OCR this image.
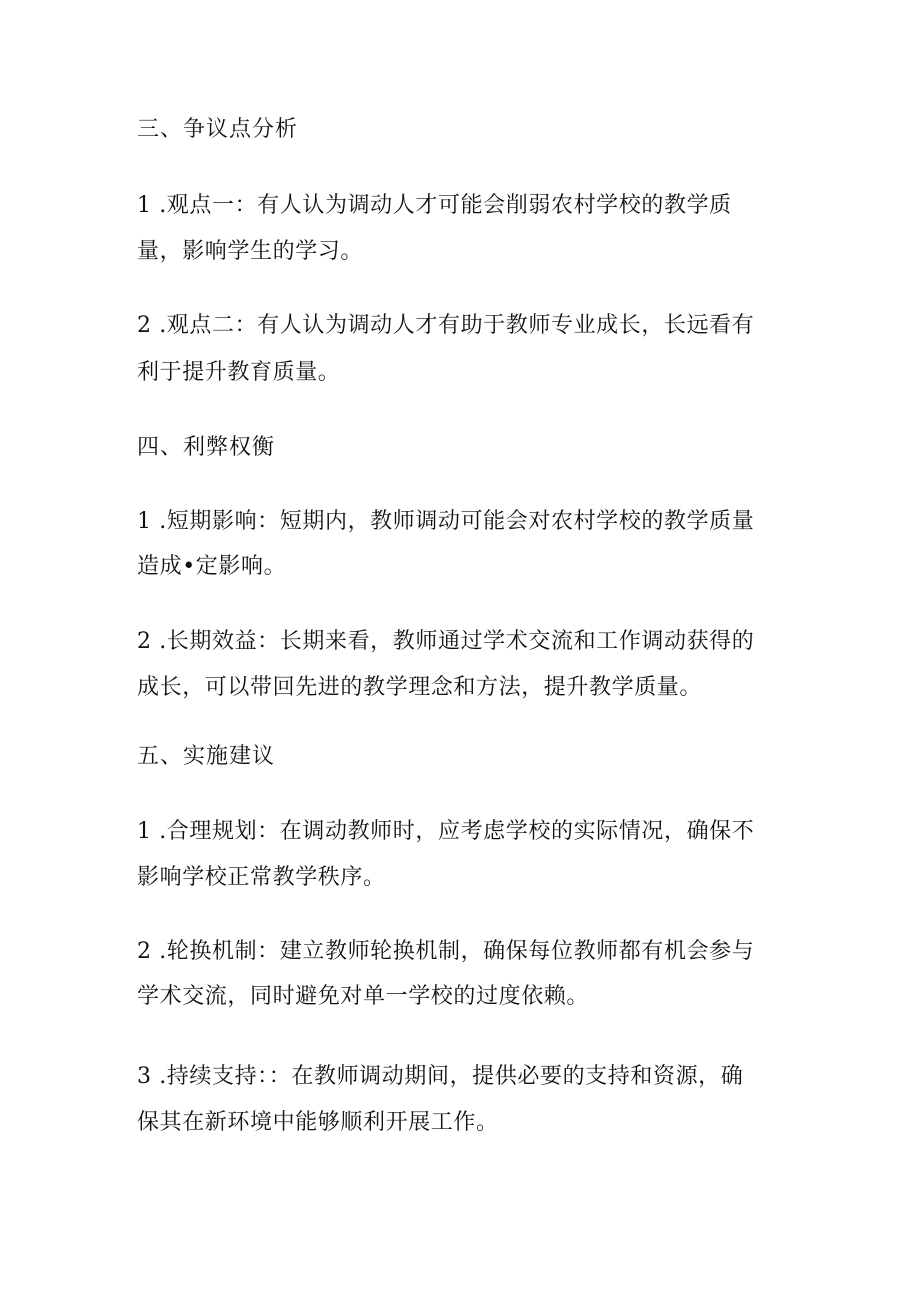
三、争议点分析
1 .观点一：有人认为调动人才可能会削弱农村学校的教学质
量，影响学生的学习。
2 .观点二：有人认为调动人才有助于教师专业成长，长远看有
利于提升教育质量。
四、利弊权衡
1 .短期影响：短期内，教师调动可能会对农村学校的教学质量
造成•定影响。
2 .长期效益：长期来看，教师通过学术交流和工作调动获得的
成长，可以带回先进的教学理念和方法，提升教学质量。
五、实施建议
1 .合理规划：在调动教师时，应考虑学校的实际情况，确保不
影响学校正常教学秩序。
2 .轮换机制：建立教师轮换机制，确保每位教师都有机会参与
学术交流，同时避免对单一学校的过度依赖。
3 .持续支持：：在教师调动期间，提供必要的支持和资源，确
保其在新环境中能够顺利开展工作。
